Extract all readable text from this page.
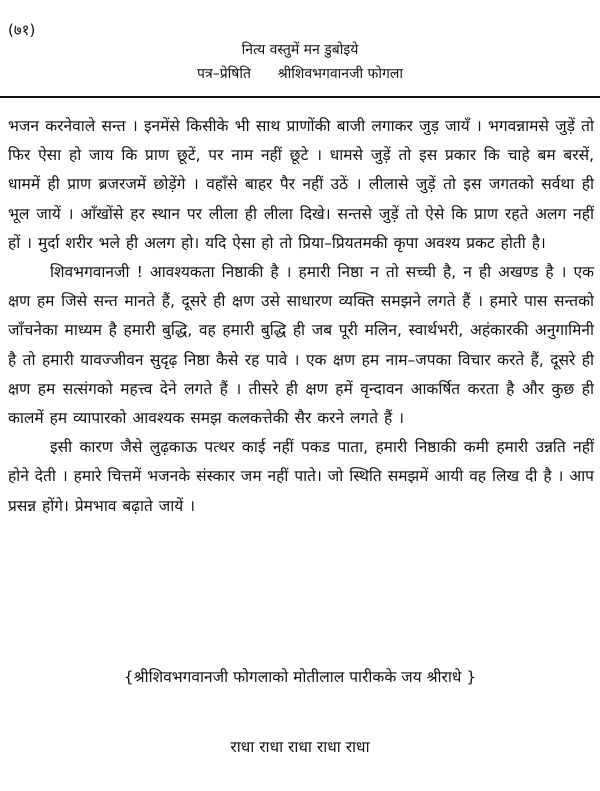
(७१)
नित्य वस्तुमें मन डुबोइये
पत्र–प्रेषिति      श्रीशिवभगवानजी फोगला

भजन करनेवाले सन्त । इनमेंसे किसीके भी साथ प्राणोंकी बाजी लगाकर जुड़ जायँ । भगवन्नामसे जुड़ें तो फिर ऐसा हो जाय कि प्राण छूटें, पर नाम नहीं छूटे । धामसे जुड़ें तो इस प्रकार कि चाहे बम बरसें, धाममें ही प्राण ब्रजरजमें छोड़ेंगे । वहाँसे बाहर पैर नहीं उठें । लीलासे जुड़ें तो इस जगतको सर्वथा ही भूल जायें । आँखोंसे हर स्थान पर लीला ही लीला दिखे। सन्तसे जुड़ें तो ऐसे कि प्राण रहते अलग नहीं हों । मुर्दा शरीर भले ही अलग हो। यदि ऐसा हो तो प्रिया–प्रियतमकी कृपा अवश्य प्रकट होती है।

शिवभगवानजी ! आवश्यकता निष्ठाकी है । हमारी निष्ठा न तो सच्ची है, न ही अखण्ड है । एक क्षण हम जिसे सन्त मानते हैं, दूसरे ही क्षण उसे साधारण व्यक्ति समझने लगते हैं । हमारे पास सन्तको जाँचनेका माध्यम है हमारी बुद्धि, वह हमारी बुद्धि ही जब पूरी मलिन, स्वार्थभरी, अहंकारकी अनुगामिनी है तो हमारी यावज्जीवन सुदृढ़ निष्ठा कैसे रह पावे । एक क्षण हम नाम–जपका विचार करते हैं, दूसरे ही क्षण हम सत्संगको महत्त्व देने लगते हैं । तीसरे ही क्षण हमें वृन्दावन आकर्षित करता है और कुछ ही कालमें हम व्यापारको आवश्यक समझ कलकत्तेकी सैर करने लगते हैं ।

इसी कारण जैसे लुढ़काऊ पत्थर काई नहीं पकड पाता, हमारी निष्ठाकी कमी हमारी उन्नति नहीं होने देती । हमारे चित्तमें भजनके संस्कार जम नहीं पाते। जो स्थिति समझमें आयी वह लिख दी है । आप प्रसन्न होंगे। प्रेमभाव बढ़ाते जायें ।

{श्रीशिवभगवानजी फोगलाको मोतीलाल पारीकके जय श्रीराधे }
राधा राधा राधा राधा राधा
